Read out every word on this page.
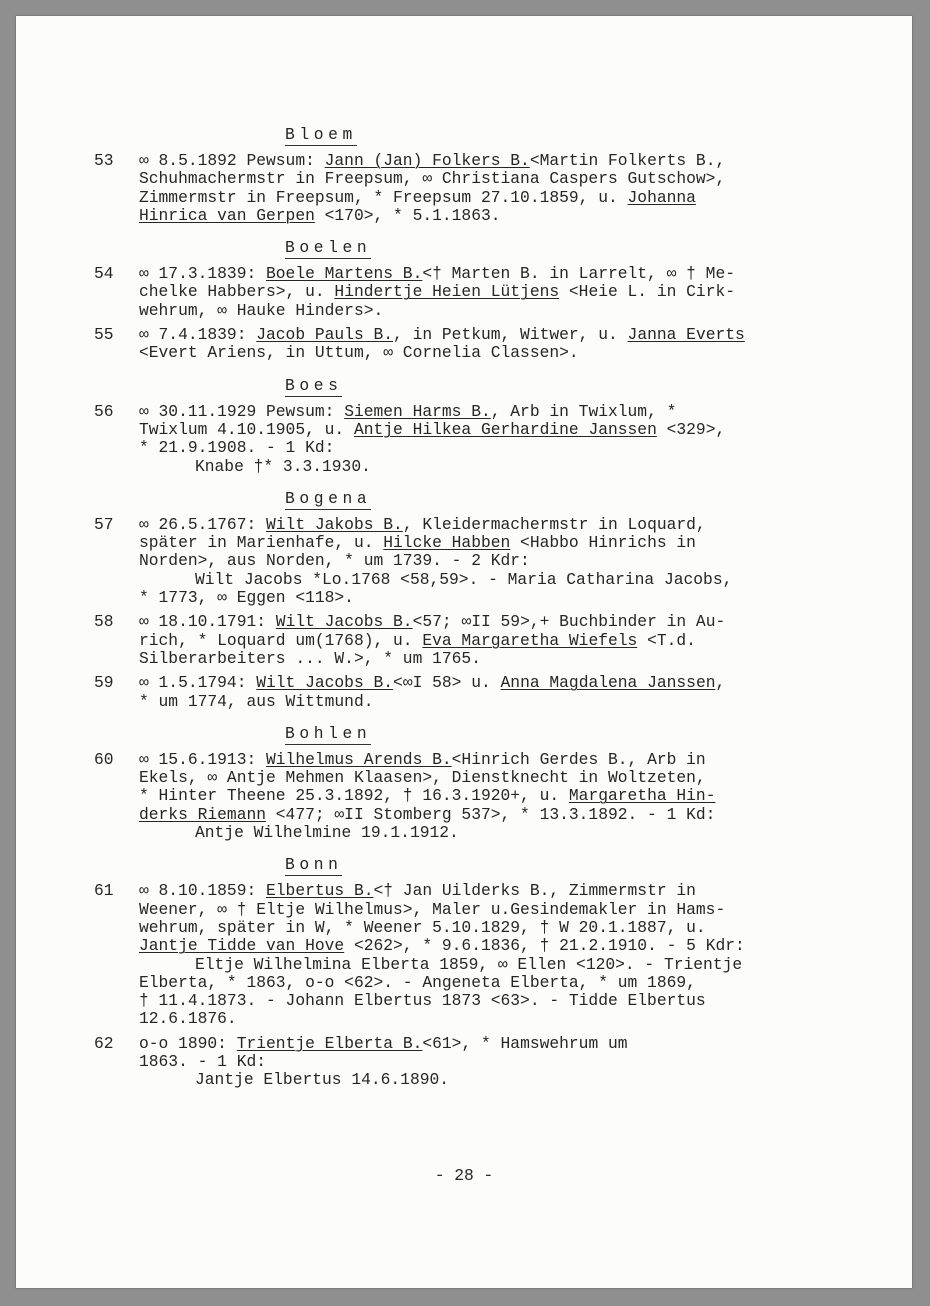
Bloem
53 ∞ 8.5.1892 Pewsum: Jann (Jan) Folkers B.<Martin Folkerts B.,
Schuhmachermstr in Freepsum, ∞ Christiana Caspers Gutschow>,
Zimmermstr in Freepsum, * Freepsum 27.10.1859, u. Johanna
Hinrica van Gerpen <170>, * 5.1.1863.
Boelen
54 ∞ 17.3.1839: Boele Martens B.<† Marten B. in Larrelt, ∞ † Me-
chelke Habbers>, u. Hindertje Heien Lütjens <Heie L. in Cirk-
wehrum, ∞ Hauke Hinders>.
55 ∞ 7.4.1839: Jacob Pauls B., in Petkum, Witwer, u. Janna Everts
<Evert Ariens, in Uttum, ∞ Cornelia Classen>.
Boes
56 ∞ 30.11.1929 Pewsum: Siemen Harms B., Arb in Twixlum, *
Twixlum 4.10.1905, u. Antje Hilkea Gerhardine Janssen <329>,
* 21.9.1908. - 1 Kd:
Knabe †* 3.3.1930.
Bogena
57 ∞ 26.5.1767: Wilt Jakobs B., Kleidermachermstr in Loquard,
später in Marienhafe, u. Hilcke Habben <Habbo Hinrichs in
Norden>, aus Norden, * um 1739. - 2 Kdr:
Wilt Jacobs *Lo.1768 <58,59>. - Maria Catharina Jacobs,
* 1773, ∞ Eggen <118>.
58 ∞ 18.10.1791: Wilt Jacobs B.<57; ∞II 59>,+ Buchbinder in Au-
rich, * Loquard um(1768), u. Eva Margaretha Wiefels <T.d.
Silberarbeiters ... W.>, * um 1765.
59 ∞ 1.5.1794: Wilt Jacobs B.<∞I 58> u. Anna Magdalena Janssen,
* um 1774, aus Wittmund.
Bohlen
60 ∞ 15.6.1913: Wilhelmus Arends B.<Hinrich Gerdes B., Arb in
Ekels, ∞ Antje Mehmen Klaasen>, Dienstknecht in Woltzeten,
* Hinter Theene 25.3.1892, † 16.3.1920+, u. Margaretha Hin-
derks Riemann <477; ∞II Stomberg 537>, * 13.3.1892. - 1 Kd:
Antje Wilhelmine 19.1.1912.
Bonn
61 ∞ 8.10.1859: Elbertus B.<† Jan Uilderks B., Zimmermstr in
Weener, ∞ † Eltje Wilhelmus>, Maler u.Gesindemakler in Hams-
wehrum, später in W, * Weener 5.10.1829, † W 20.1.1887, u.
Jantje Tidde van Hove <262>, * 9.6.1836, † 21.2.1910. - 5 Kdr:
Eltje Wilhelmina Elberta 1859, ∞ Ellen <120>. - Trientje
Elberta, * 1863, o-o <62>. - Angeneta Elberta, * um 1869,
† 11.4.1873. - Johann Elbertus 1873 <63>. - Tidde Elbertus
12.6.1876.
62 o-o 1890: Trientje Elberta B.<61>, * Hamswehrum um
1863. - 1 Kd:
Jantje Elbertus 14.6.1890.
- 28 -
